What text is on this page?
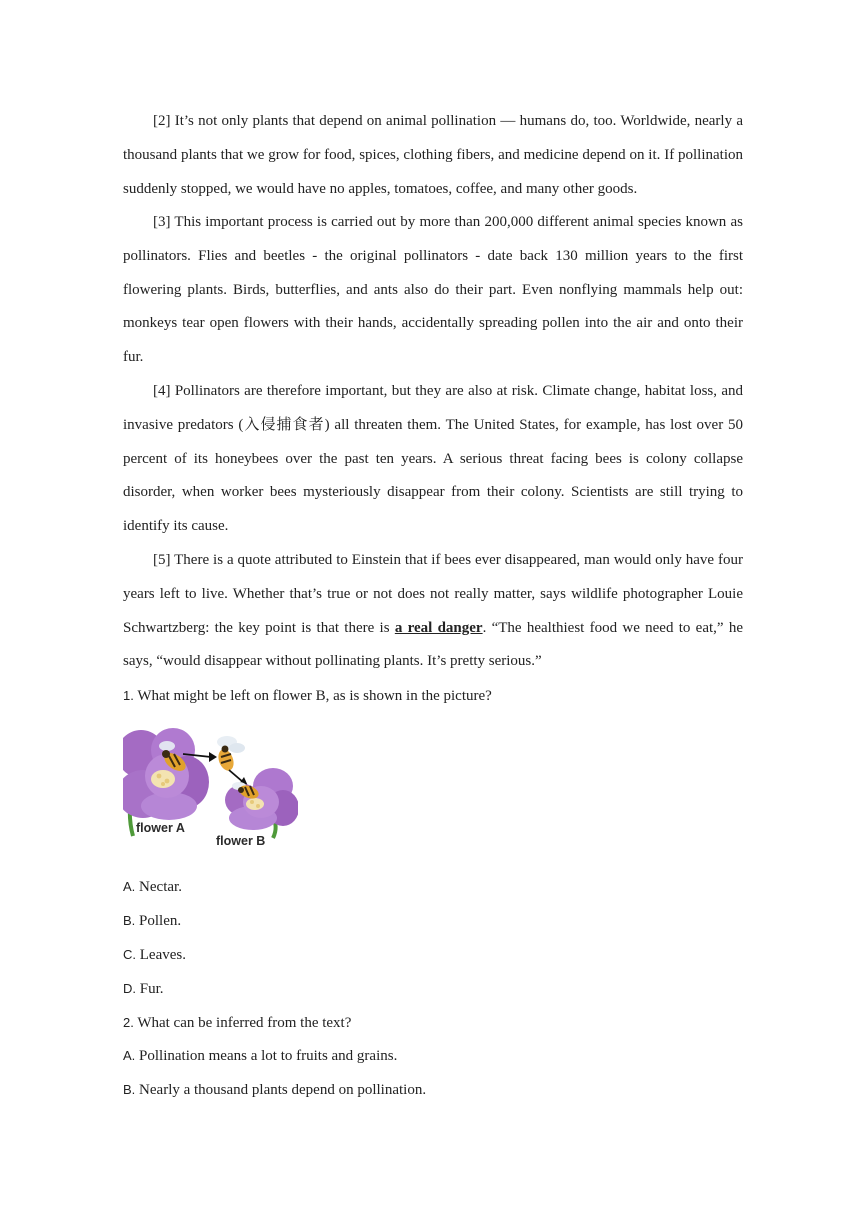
[2] It’s not only plants that depend on animal pollination — humans do, too. Worldwide, nearly a thousand plants that we grow for food, spices, clothing fibers, and medicine depend on it. If pollination suddenly stopped, we would have no apples, tomatoes, coffee, and many other goods.

[3] This important process is carried out by more than 200,000 different animal species known as pollinators. Flies and beetles - the original pollinators - date back 130 million years to the first flowering plants. Birds, butterflies, and ants also do their part. Even nonflying mammals help out: monkeys tear open flowers with their hands, accidentally spreading pollen into the air and onto their fur.

[4] Pollinators are therefore important, but they are also at risk. Climate change, habitat loss, and invasive predators (入侵捕食者) all threaten them. The United States, for example, has lost over 50 percent of its honeybees over the past ten years. A serious threat facing bees is colony collapse disorder, when worker bees mysteriously disappear from their colony. Scientists are still trying to identify its cause.

[5] There is a quote attributed to Einstein that if bees ever disappeared, man would only have four years left to live. Whether that’s true or not does not really matter, says wildlife photographer Louie Schwartzberg: the key point is that there is a real danger. “The healthiest food we need to eat,” he says, “would disappear without pollinating plants. It’s pretty serious.”

1. What might be left on flower B, as is shown in the picture?
flower A
flower B
A. Nectar.
B. Pollen.
C. Leaves.
D. Fur.
2. What can be inferred from the text?
A. Pollination means a lot to fruits and grains.
B. Nearly a thousand plants depend on pollination.
